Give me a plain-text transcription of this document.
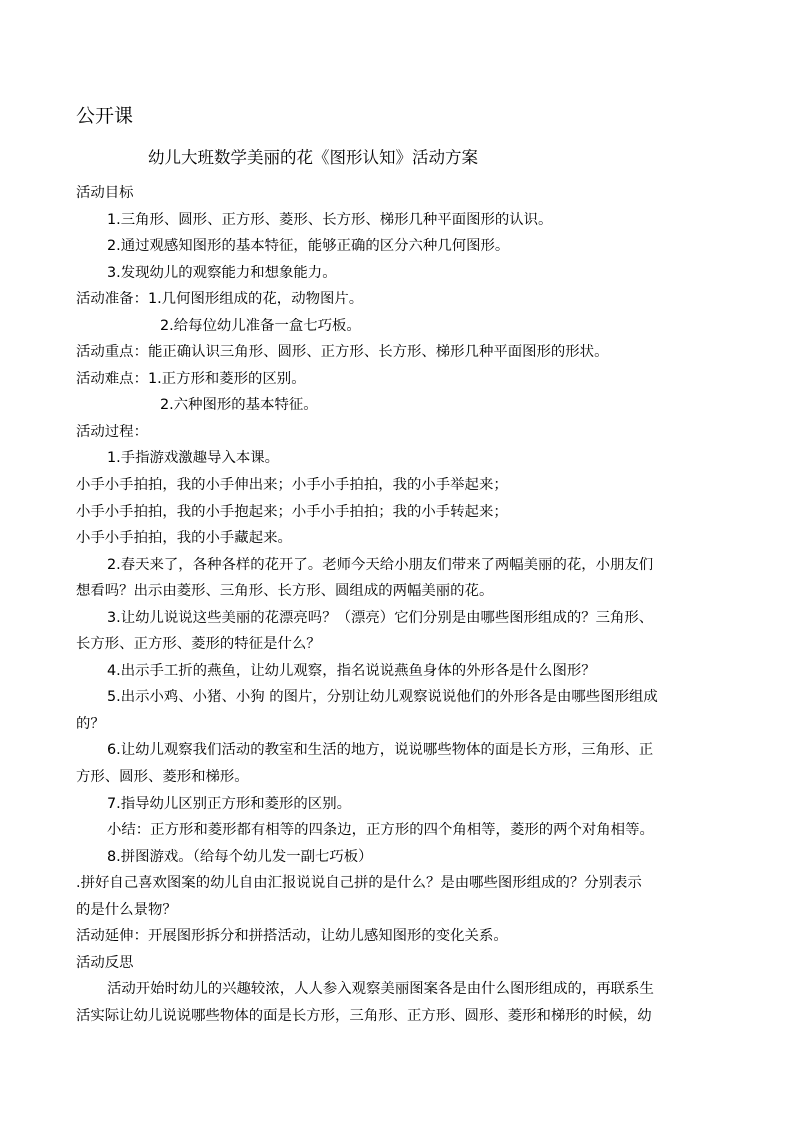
公开课
幼儿大班数学美丽的花《图形认知》活动方案

活动目标

1.三角形、圆形、正方形、菱形、长方形、梯形几种平面图形的认识。

2.通过观感知图形的基本特征，能够正确的区分六种几何图形。

3.发现幼儿的观察能力和想象能力。

活动准备：1.几何图形组成的花，动物图片。

2.给每位幼儿准备一盒七巧板。

活动重点：能正确认识三角形、圆形、正方形、长方形、梯形几种平面图形的形状。

活动难点：1.正方形和菱形的区别。

2.六种图形的基本特征。

活动过程：

1.手指游戏激趣导入本课。

小手小手拍拍，我的小手伸出来；小手小手拍拍，我的小手举起来；

小手小手拍拍，我的小手抱起来；小手小手拍拍；我的小手转起来；

小手小手拍拍，我的小手藏起来。

2.春天来了，各种各样的花开了。老师今天给小朋友们带来了两幅美丽的花，小朋友们

想看吗？出示由菱形、三角形、长方形、圆组成的两幅美丽的花。

3.让幼儿说说这些美丽的花漂亮吗？（漂亮）它们分别是由哪些图形组成的？三角形、

长方形、正方形、菱形的特征是什么？

4.出示手工折的燕鱼，让幼儿观察，指名说说燕鱼身体的外形各是什么图形？

5.出示小鸡、小猪、小狗 的图片，分别让幼儿观察说说他们的外形各是由哪些图形组成

的？

6.让幼儿观察我们活动的教室和生活的地方，说说哪些物体的面是长方形，三角形、正

方形、圆形、菱形和梯形。

7.指导幼儿区别正方形和菱形的区别。

小结：正方形和菱形都有相等的四条边，正方形的四个角相等，菱形的两个对角相等。

8.拼图游戏。（给每个幼儿发一副七巧板）

.拼好自己喜欢图案的幼儿自由汇报说说自己拼的是什么？是由哪些图形组成的？分别表示

的是什么景物？

活动延伸：开展图形拆分和拼搭活动，让幼儿感知图形的变化关系。

活动反思

活动开始时幼儿的兴趣较浓，人人参入观察美丽图案各是由什么图形组成的，再联系生

活实际让幼儿说说哪些物体的面是长方形，三角形、正方形、圆形、菱形和梯形的时候，幼
